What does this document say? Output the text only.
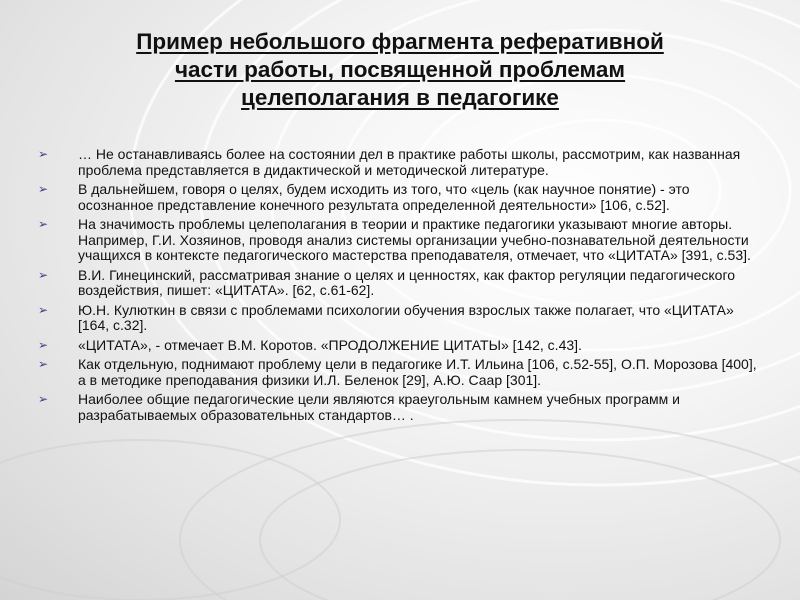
Пример небольшого фрагмента реферативной
части работы, посвященной проблемам
целеполагания в педагогике
➢ … Не останавливаясь более на состоянии дел в практике работы школы, рассмотрим, как названная проблема представляется в дидактической и методической литературе.
➢ В дальнейшем, говоря о целях, будем исходить из того, что «цель (как научное понятие) - это осознанное представление конечного результата определенной деятельности» [106, с.52].
➢ На значимость проблемы целеполагания в теории и практике педагогики указывают многие авторы. Например, Г.И. Хозяинов, проводя анализ системы организации учебно-познавательной деятельности учащихся в контексте педагогического мастерства преподавателя, отмечает, что «ЦИТАТА» [391, с.53].
➢ В.И. Гинецинский, рассматривая знание о целях и ценностях, как фактор регуляции педагогического воздействия, пишет: «ЦИТАТА». [62, с.61-62].
➢ Ю.Н. Кулюткин в связи с проблемами психологии обучения взрослых также полагает, что «ЦИТАТА» [164, с.32].
➢ «ЦИТАТА», - отмечает В.М. Коротов. «ПРОДОЛЖЕНИЕ ЦИТАТЫ» [142, с.43].
➢ Как отдельную, поднимают проблему цели в педагогике И.Т. Ильина [106, с.52-55], О.П. Морозова [400], а в методике преподавания физики И.Л. Беленок [29], А.Ю. Саар [301].
➢ Наиболее общие педагогические цели являются краеугольным камнем учебных программ и разрабатываемых образовательных стандартов… .
